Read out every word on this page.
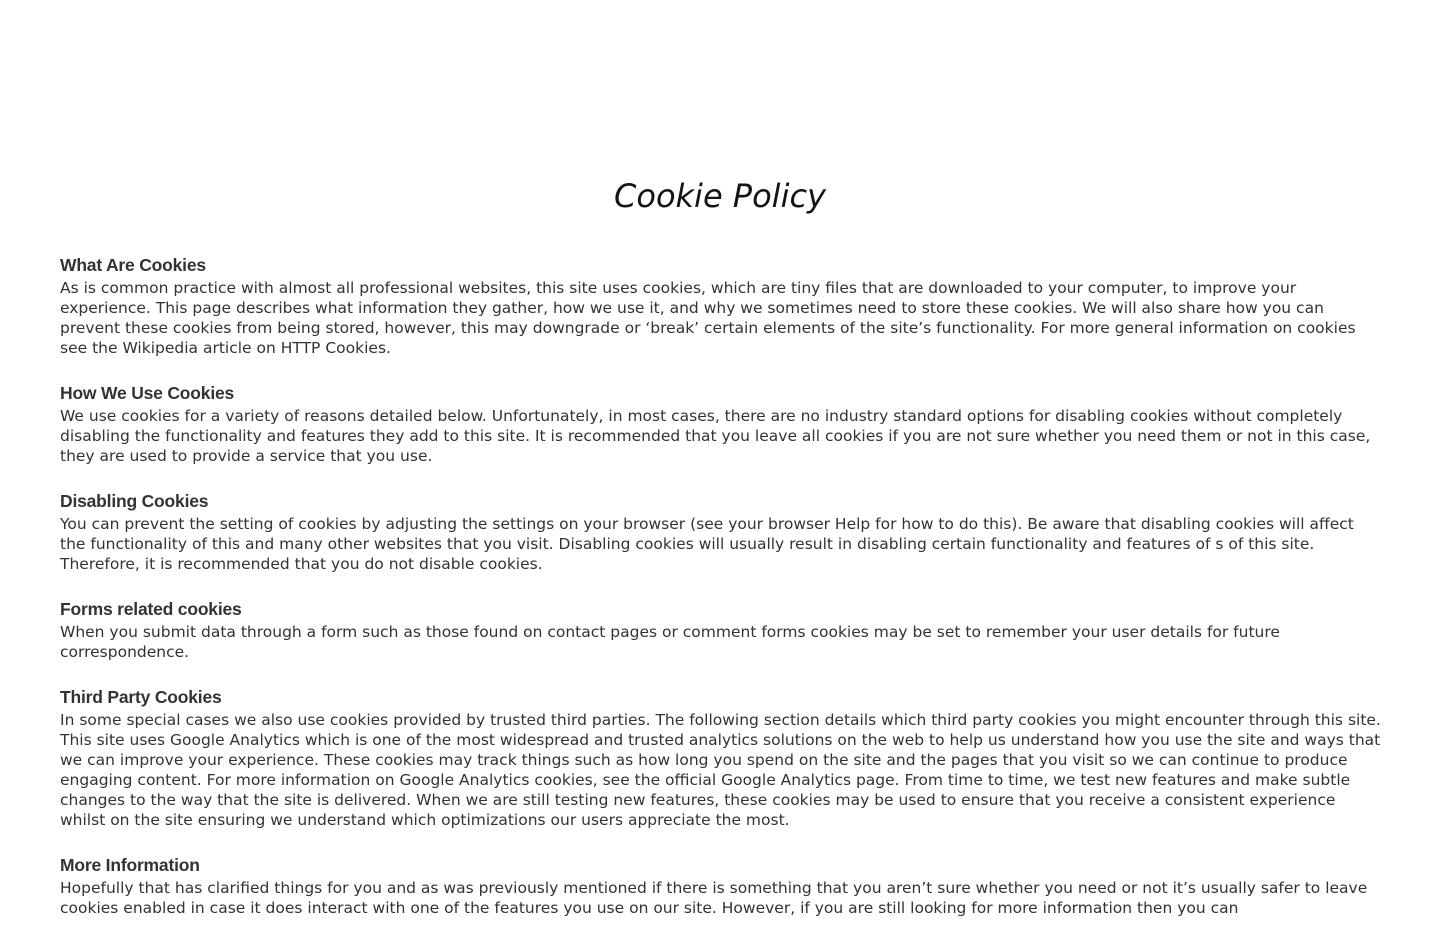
Cookie Policy
What Are Cookies

As is common practice with almost all professional websites, this site uses cookies, which are tiny files that are downloaded to your computer, to improve your experience. This page describes what information they gather, how we use it, and why we sometimes need to store these cookies. We will also share how you can prevent these cookies from being stored, however, this may downgrade or ‘break’ certain elements of the site’s functionality. For more general information on cookies see the Wikipedia article on HTTP Cookies.

How We Use Cookies

We use cookies for a variety of reasons detailed below. Unfortunately, in most cases, there are no industry standard options for disabling cookies without completely disabling the functionality and features they add to this site. It is recommended that you leave all cookies if you are not sure whether you need them or not in this case, they are used to provide a service that you use.

Disabling Cookies

You can prevent the setting of cookies by adjusting the settings on your browser (see your browser Help for how to do this). Be aware that disabling cookies will affect the functionality of this and many other websites that you visit. Disabling cookies will usually result in disabling certain functionality and features of s of this site. Therefore, it is recommended that you do not disable cookies.

Forms related cookies

When you submit data through a form such as those found on contact pages or comment forms cookies may be set to remember your user details for future correspondence.

Third Party Cookies

In some special cases we also use cookies provided by trusted third parties. The following section details which third party cookies you might encounter through this site. This site uses Google Analytics which is one of the most widespread and trusted analytics solutions on the web to help us understand how you use the site and ways that we can improve your experience. These cookies may track things such as how long you spend on the site and the pages that you visit so we can continue to produce engaging content. For more information on Google Analytics cookies, see the official Google Analytics page. From time to time, we test new features and make subtle changes to the way that the site is delivered. When we are still testing new features, these cookies may be used to ensure that you receive a consistent experience whilst on the site ensuring we understand which optimizations our users appreciate the most.

More Information

Hopefully that has clarified things for you and as was previously mentioned if there is something that you aren’t sure whether you need or not it’s usually safer to leave cookies enabled in case it does interact with one of the features you use on our site. However, if you are still looking for more information then you can
